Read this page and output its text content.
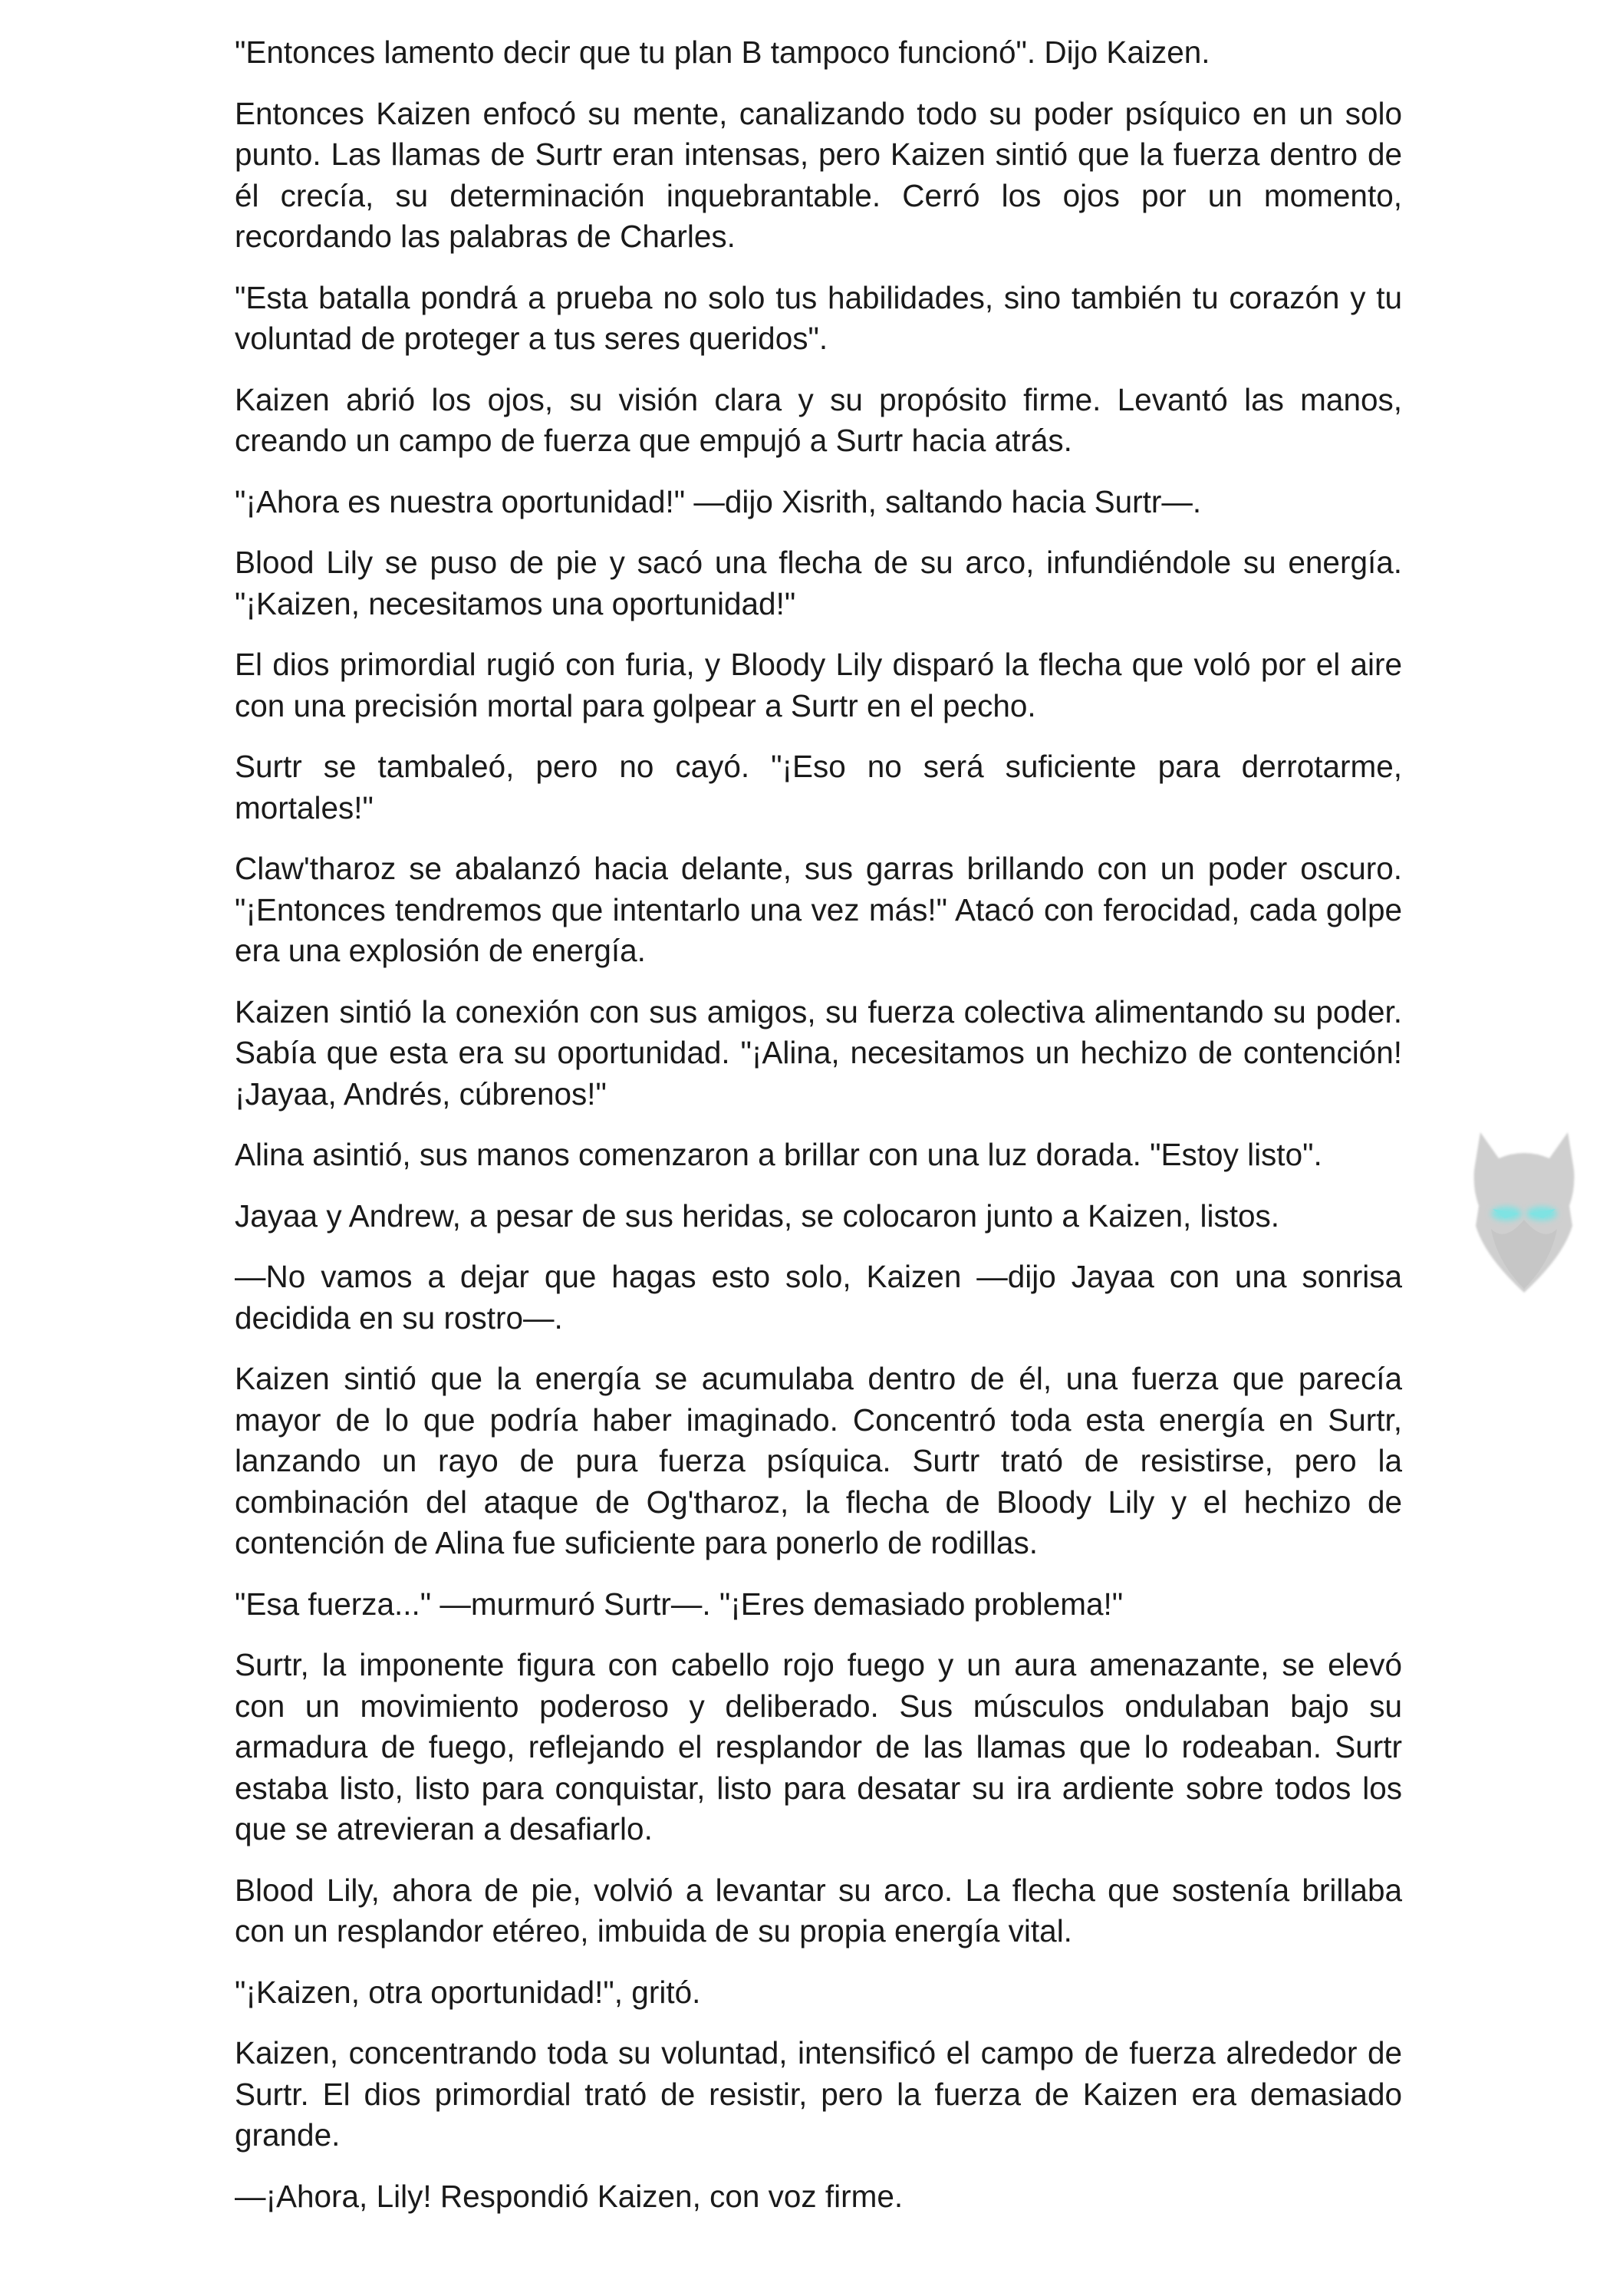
"Entonces lamento decir que tu plan B tampoco funcionó". Dijo Kaizen.

Entonces Kaizen enfocó su mente, canalizando todo su poder psíquico en un solo punto. Las llamas de Surtr eran intensas, pero Kaizen sintió que la fuerza dentro de él crecía, su determinación inquebrantable. Cerró los ojos por un momento, recordando las palabras de Charles.

"Esta batalla pondrá a prueba no solo tus habilidades, sino también tu corazón y tu voluntad de proteger a tus seres queridos".

Kaizen abrió los ojos, su visión clara y su propósito firme. Levantó las manos, creando un campo de fuerza que empujó a Surtr hacia atrás.

"¡Ahora es nuestra oportunidad!" —dijo Xisrith, saltando hacia Surtr—.

Blood Lily se puso de pie y sacó una flecha de su arco, infundiéndole su energía. "¡Kaizen, necesitamos una oportunidad!"

El dios primordial rugió con furia, y Bloody Lily disparó la flecha que voló por el aire con una precisión mortal para golpear a Surtr en el pecho.

Surtr se tambaleó, pero no cayó. "¡Eso no será suficiente para derrotarme, mortales!"

Claw'tharoz se abalanzó hacia delante, sus garras brillando con un poder oscuro. "¡Entonces tendremos que intentarlo una vez más!" Atacó con ferocidad, cada golpe era una explosión de energía.

Kaizen sintió la conexión con sus amigos, su fuerza colectiva alimentando su poder. Sabía que esta era su oportunidad. "¡Alina, necesitamos un hechizo de contención! ¡Jayaa, Andrés, cúbrenos!"

Alina asintió, sus manos comenzaron a brillar con una luz dorada. "Estoy listo".

Jayaa y Andrew, a pesar de sus heridas, se colocaron junto a Kaizen, listos.

—No vamos a dejar que hagas esto solo, Kaizen —dijo Jayaa con una sonrisa decidida en su rostro—.

Kaizen sintió que la energía se acumulaba dentro de él, una fuerza que parecía mayor de lo que podría haber imaginado. Concentró toda esta energía en Surtr, lanzando un rayo de pura fuerza psíquica. Surtr trató de resistirse, pero la combinación del ataque de Og'tharoz, la flecha de Bloody Lily y el hechizo de contención de Alina fue suficiente para ponerlo de rodillas.

"Esa fuerza..." —murmuró Surtr—. "¡Eres demasiado problema!"

Surtr, la imponente figura con cabello rojo fuego y un aura amenazante, se elevó con un movimiento poderoso y deliberado. Sus músculos ondulaban bajo su armadura de fuego, reflejando el resplandor de las llamas que lo rodeaban. Surtr estaba listo, listo para conquistar, listo para desatar su ira ardiente sobre todos los que se atrevieran a desafiarlo.

Blood Lily, ahora de pie, volvió a levantar su arco. La flecha que sostenía brillaba con un resplandor etéreo, imbuida de su propia energía vital.

"¡Kaizen, otra oportunidad!", gritó.

Kaizen, concentrando toda su voluntad, intensificó el campo de fuerza alrededor de Surtr. El dios primordial trató de resistir, pero la fuerza de Kaizen era demasiado grande.

—¡Ahora, Lily! Respondió Kaizen, con voz firme.
